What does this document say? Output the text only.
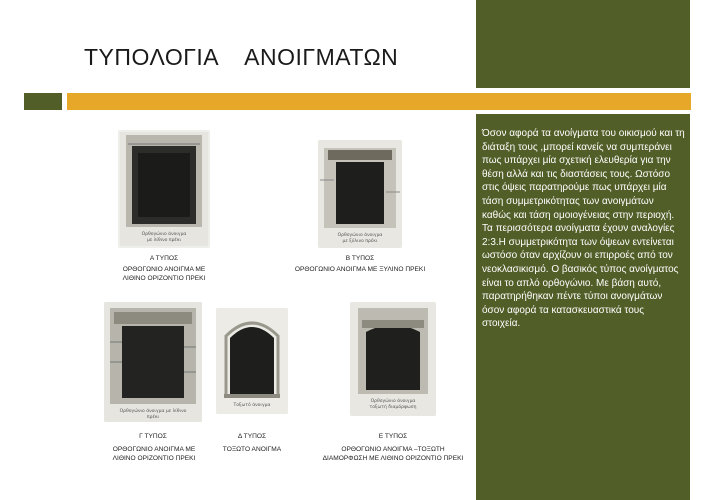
ΤΥΠΟΛΟΓΙΑ    ΑΝΟΙΓΜΑΤΩΝ
Όσον αφορά τα ανοίγματα του οικισμού και τη διάταξη τους ,μπορεί κανείς να συμπεράνει πως υπάρχει μία σχετική ελευθερία για την θέση αλλά και τις διαστάσεις τους. Ωστόσο στις όψεις παρατηρούμε πως υπάρχει μία τάση συμμετρικότητας των ανοιγμάτων καθώς και τάση ομοιογένειας στην περιοχή. Τα περισσότερα ανοίγματα έχουν αναλογίες 2:3.Η συμμετρικότητα των όψεων εντείνεται ωστόσο όταν αρχίζουν οι επιρροές από τον νεοκλασικισμό. Ο βασικός τύπος ανοίγματος είναι το απλό ορθογώνιο. Με βάση αυτό, παρατηρήθηκαν πέντε τύποι ανοιγμάτων όσον αφορά τα κατασκευαστικά τους στοιχεία.
Ορθογώνιο άνοιγμα
με λίθινο πρέκι
Α ΤΥΠΟΣ
ΟΡΘΟΓΩΝΙΟ ΑΝΟΙΓΜΑ ΜΕ
ΛΙΘΙΝΟ ΟΡΙΖΟΝΤΙΟ ΠΡΕΚΙ
Ορθογώνιο άνοιγμα
με ξύλινο πρέκι
Β ΤΥΠΟΣ
ΟΡΘΟΓΩΝΙΟ ΑΝΟΙΓΜΑ ΜΕ ΞΥΛΙΝΟ ΠΡΕΚΙ
Ορθογώνιο άνοιγμα με λίθινο
πρέκι
Γ ΤΥΠΟΣ
ΟΡΘΟΓΩΝΙΟ ΑΝΟΙΓΜΑ ΜΕ
ΛΙΘΙΝΟ ΟΡΙΖΟΝΤΙΟ ΠΡΕΚΙ
Τοξωτό άνοιγμα
Δ ΤΥΠΟΣ
ΤΟΞΩΤΟ ΑΝΟΙΓΜΑ
Ορθογώνιο άνοιγμα
τοξωτή διαμόρφωση
Ε ΤΥΠΟΣ
ΟΡΘΟΓΩΝΙΟ ΑΝΟΙΓΜΑ –ΤΟΞΩΤΗ
ΔΙΑΜΟΡΦΩΣΗ ΜΕ ΛΙΘΙΝΟ ΟΡΙΖΟΝΤΙΟ ΠΡΕΚΙ
